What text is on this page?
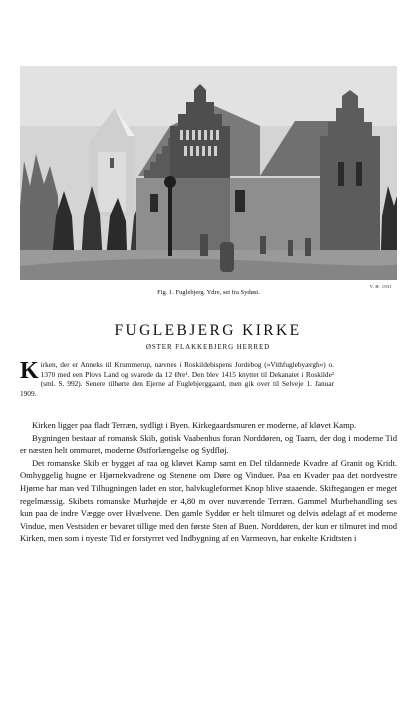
V. H. 1931
Fig. 1. Fuglebjerg. Ydre, set fra Sydøst.
FUGLEBJERG KIRKE
ØSTER FLAKKEBJERG HERRED
Kirken, der er Anneks til Krummerup, nævnes i Roskildebispens Jordebog (»Vithfuglebyærgh«) o. 1370 med een Plovs Land og svarede da 12 Øre¹. Den blev 1415 knyttet til Dekanatet i Roskilde² (sml. S. 992). Senere tilhørte den Ejerne af Fuglebjerggaard, men gik over til Selveje 1. Januar 1909.

Kirken ligger paa fladt Terræn, sydligt i Byen. Kirkegaardsmuren er moderne, af kløvet Kamp.

Bygningen bestaar af romansk Skib, gotisk Vaabenhus foran Norddøren, og Taarn, der dog i moderne Tid er næsten helt ommuret, moderne Østforlængelse og Sydfløj.

Det romanske Skib er bygget af raa og kløvet Kamp samt en Del tildannede Kvadre af Granit og Kridt. Omhyggelig hugne er Hjørnekvadrene og Stenene om Døre og Vinduer. Paa en Kvader paa det nordvestre Hjørne har man ved Tilhugningen ladet en stor, halvkugleformet Knop blive staaende. Skiftegangen er meget regelmæssig. Skibets romanske Murhøjde er 4,80 m over nuværende Terræn. Gammel Murbehandling ses kun paa de indre Vægge over Hvælvene. Den gamle Syddør er helt tilmuret og delvis ødelagt af et moderne Vindue, men Vestsiden er bevaret tillige med den første Sten af Buen. Norddøren, der kun er tilmuret ind mod Kirken, men som i nyeste Tid er forstyrret ved Indbygning af en Varmeovn, har enkelte Kridtsten i
